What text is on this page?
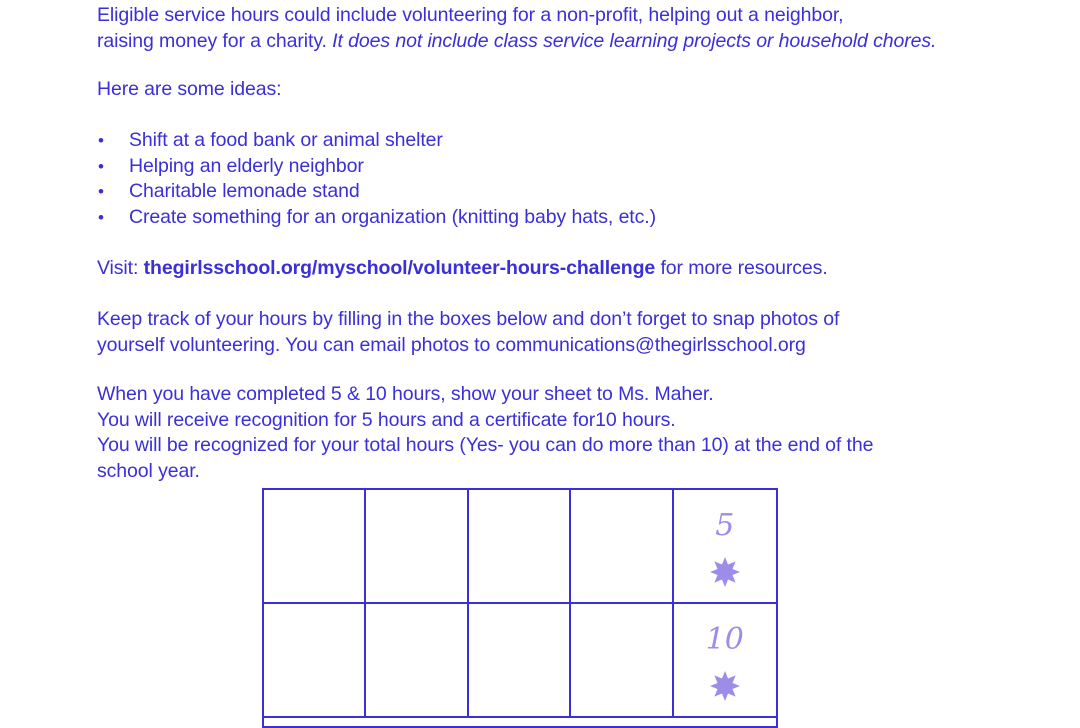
Eligible service hours could include volunteering for a non-profit, helping out a neighbor,
raising money for a charity. It does not include class service learning projects or household chores.
Here are some ideas:
• Shift at a food bank or animal shelter
• Helping an elderly neighbor
• Charitable lemonade stand
• Create something for an organization (knitting baby hats, etc.)
Visit: thegirlsschool.org/myschool/volunteer-hours-challenge for more resources.
Keep track of your hours by filling in the boxes below and don’t forget to snap photos of
yourself volunteering. You can email photos to communications@thegirlsschool.org
When you have completed 5 & 10 hours, show your sheet to Ms. Maher.
You will receive recognition for 5 hours and a certificate for10 hours.
You will be recognized for your total hours (Yes- you can do more than 10) at the end of the
school year.
5
10
